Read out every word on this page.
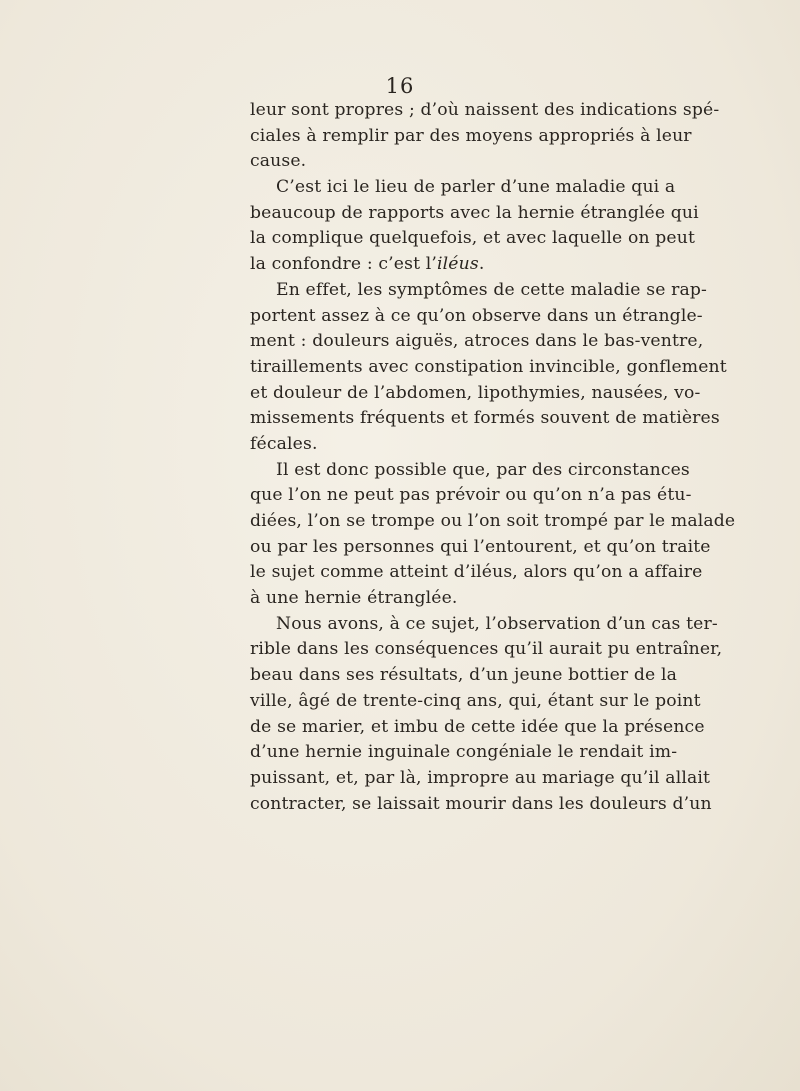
16
leur sont propres ; d’où naissent des indications spé-
ciales à remplir par des moyens appropriés à leur
cause.
C’est ici le lieu de parler d’une maladie qui a
beaucoup de rapports avec la hernie étranglée qui
la complique quelquefois, et avec laquelle on peut
la confondre : c’est l’iléus.
En effet, les symptômes de cette maladie se rap-
portent assez à ce qu’on observe dans un étrangle-
ment : douleurs aiguës, atroces dans le bas-ventre,
tiraillements avec constipation invincible, gonflement
et douleur de l’abdomen, lipothymies, nausées, vo-
missements fréquents et formés souvent de matières
fécales.
Il est donc possible que, par des circonstances
que l’on ne peut pas prévoir ou qu’on n’a pas étu-
diées, l’on se trompe ou l’on soit trompé par le malade
ou par les personnes qui l’entourent, et qu’on traite
le sujet comme atteint d’iléus, alors qu’on a affaire
à une hernie étranglée.
Nous avons, à ce sujet, l’observation d’un cas ter-
rible dans les conséquences qu’il aurait pu entraîner,
beau dans ses résultats, d’un jeune bottier de la
ville, âgé de trente-cinq ans, qui, étant sur le point
de se marier, et imbu de cette idée que la présence
d’une hernie inguinale congéniale le rendait im-
puissant, et, par là, impropre au mariage qu’il allait
contracter, se laissait mourir dans les douleurs d’un
